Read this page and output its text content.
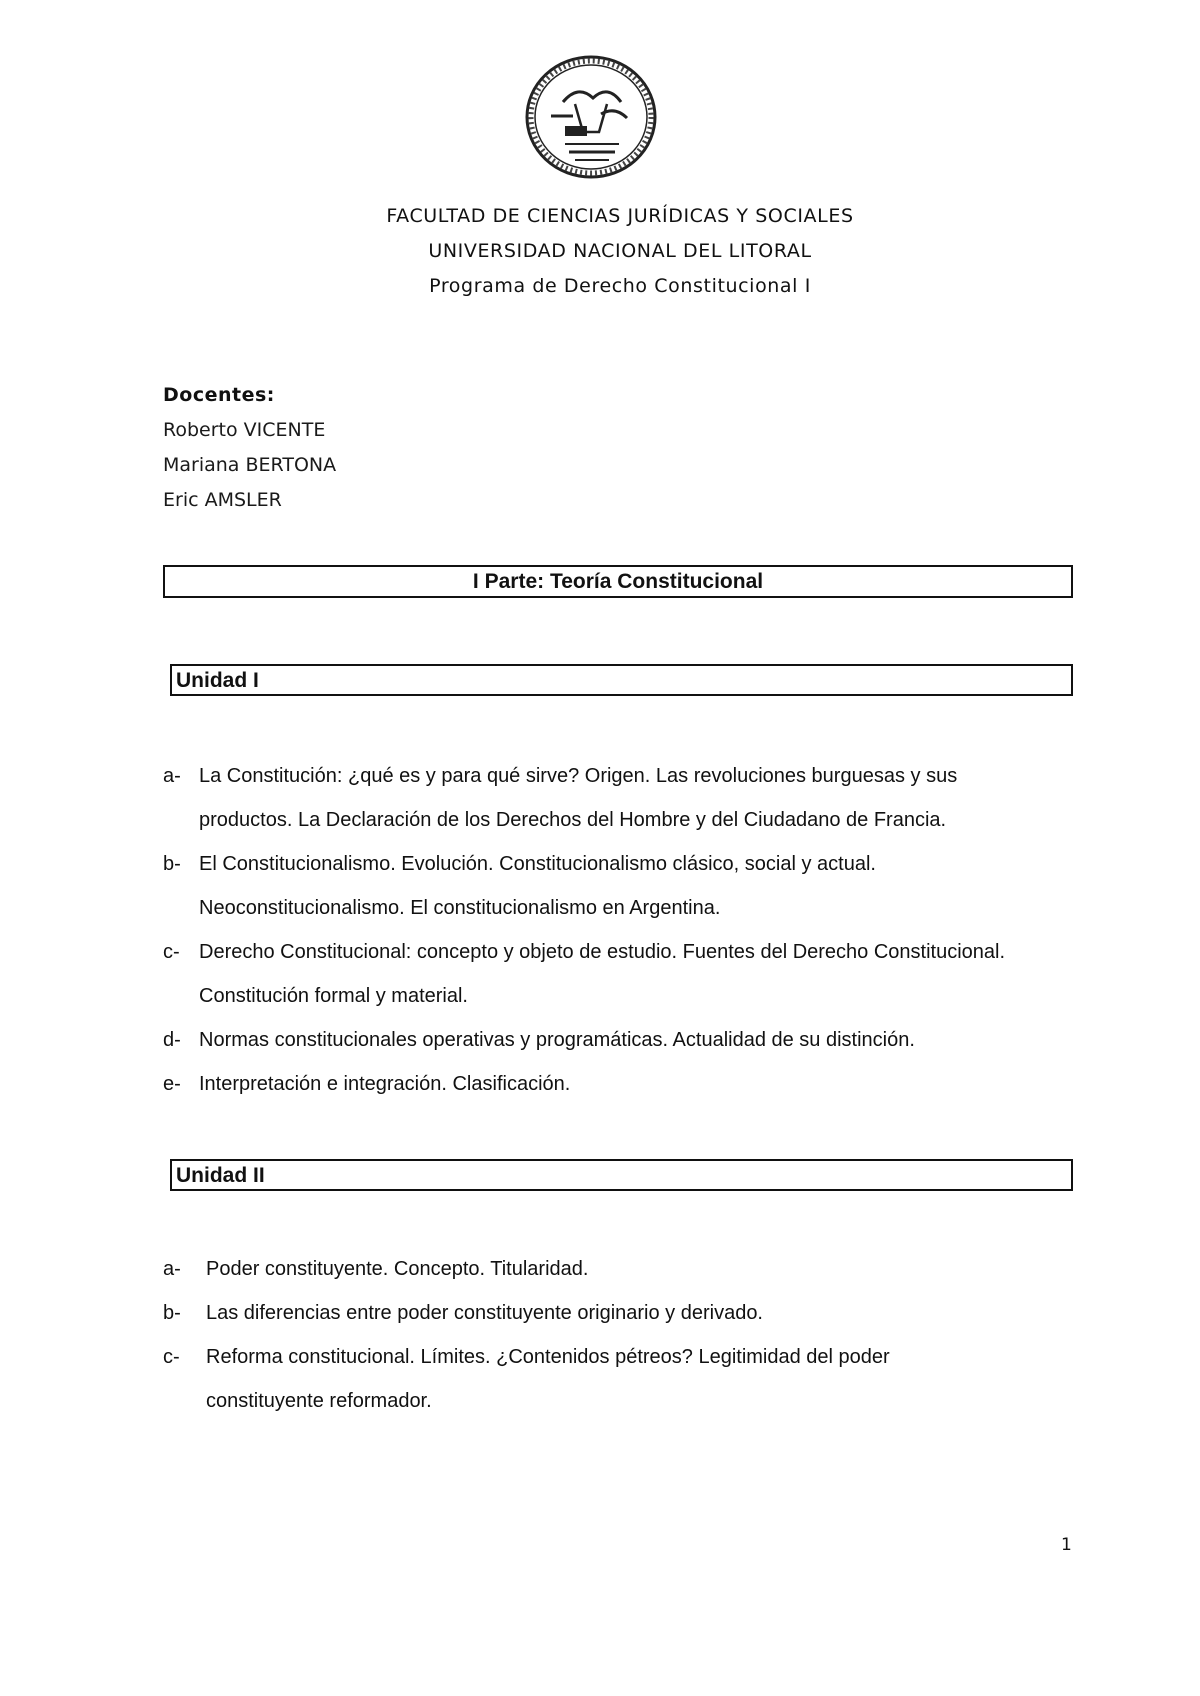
FACULTAD DE CIENCIAS JURÍDICAS Y SOCIALES
UNIVERSIDAD NACIONAL DEL LITORAL
Programa de Derecho Constitucional I
Docentes:
Roberto VICENTE
Mariana BERTONA
Eric AMSLER
I Parte: Teoría Constitucional
Unidad I
a- La Constitución: ¿qué es y para qué sirve? Origen. Las revoluciones burguesas y sus productos. La Declaración de los Derechos del Hombre y del Ciudadano de Francia.
b- El Constitucionalismo. Evolución. Constitucionalismo clásico, social y actual. Neoconstitucionalismo. El constitucionalismo en Argentina.
c- Derecho Constitucional: concepto y objeto de estudio. Fuentes del Derecho Constitucional. Constitución formal y material.
d- Normas constitucionales operativas y programáticas. Actualidad de su distinción.
e- Interpretación e integración. Clasificación.
Unidad II
a-	Poder constituyente. Concepto. Titularidad.
b-	Las diferencias entre poder constituyente originario y derivado.
c-	Reforma constitucional. Límites. ¿Contenidos pétreos? Legitimidad del poder constituyente reformador.
1
